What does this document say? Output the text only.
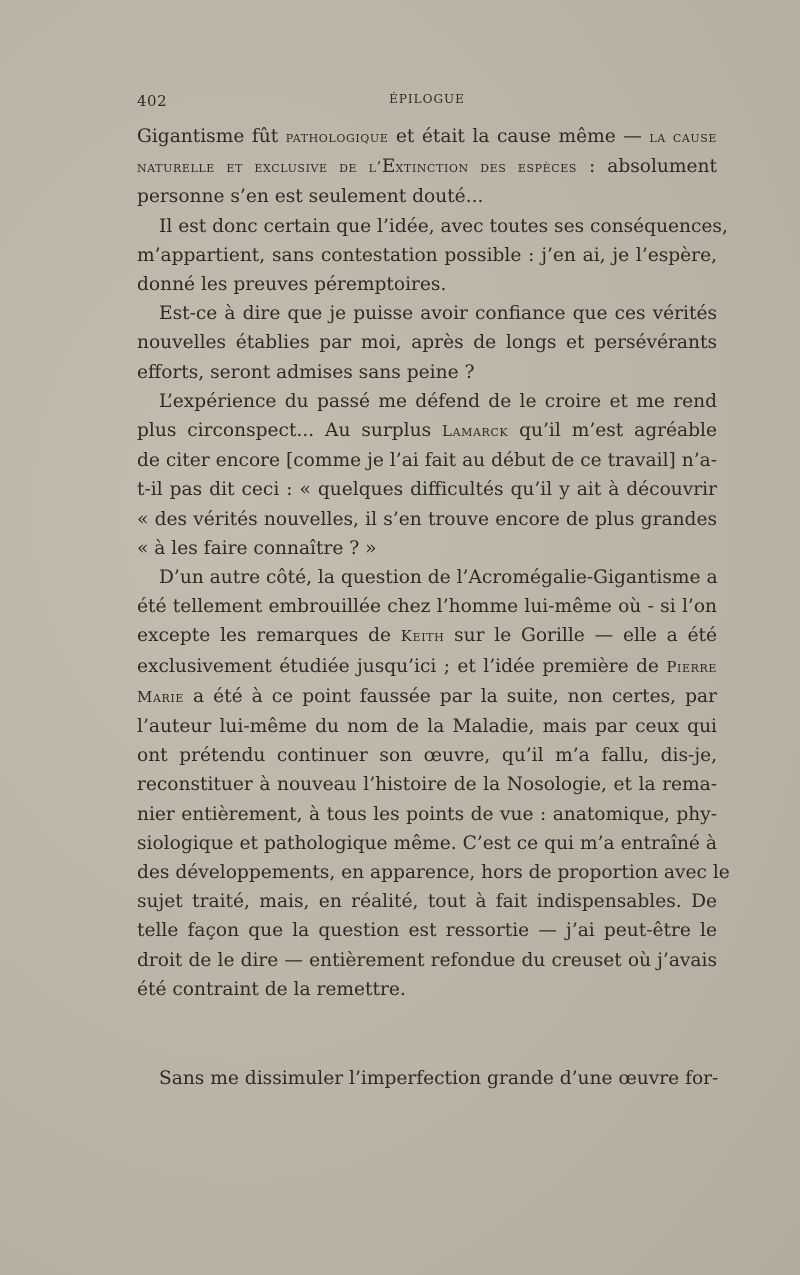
402	ÉPILOGUE
Gigantisme fût pathologique et était la cause même — la cause
naturelle et exclusive de l’Extinction des espèces : absolument
personne s’en est seulement douté...
Il est donc certain que l’idée, avec toutes ses conséquences,
m’appartient, sans contestation possible : j’en ai, je l’espère,
donné les preuves péremptoires.
Est-ce à dire que je puisse avoir confiance que ces vérités
nouvelles établies par moi, après de longs et persévérants
efforts, seront admises sans peine ?
L’expérience du passé me défend de le croire et me rend
plus circonspect... Au surplus Lamarck qu’il m’est agréable
de citer encore [comme je l’ai fait au début de ce travail] n’a-
t-il pas dit ceci : « quelques difficultés qu’il y ait à découvrir
« des vérités nouvelles, il s’en trouve encore de plus grandes
« à les faire connaître ? »
D’un autre côté, la question de l’Acromégalie-Gigantisme a
été tellement embrouillée chez l’homme lui-même où - si l’on
excepte les remarques de Keith sur le Gorille — elle a été
exclusivement étudiée jusqu’ici ; et l’idée première de Pierre
Marie a été à ce point faussée par la suite, non certes, par
l’auteur lui-même du nom de la Maladie, mais par ceux qui
ont prétendu continuer son œuvre, qu’il m’a fallu, dis-je,
reconstituer à nouveau l’histoire de la Nosologie, et la rema-
nier entièrement, à tous les points de vue : anatomique, phy-
siologique et pathologique même. C’est ce qui m’a entraîné à
des développements, en apparence, hors de proportion avec le
sujet traité, mais, en réalité, tout à fait indispensables. De
telle façon que la question est ressortie — j’ai peut-être le
droit de le dire — entièrement refondue du creuset où j’avais
été contraint de la remettre.
Sans me dissimuler l’imperfection grande d’une œuvre for-
